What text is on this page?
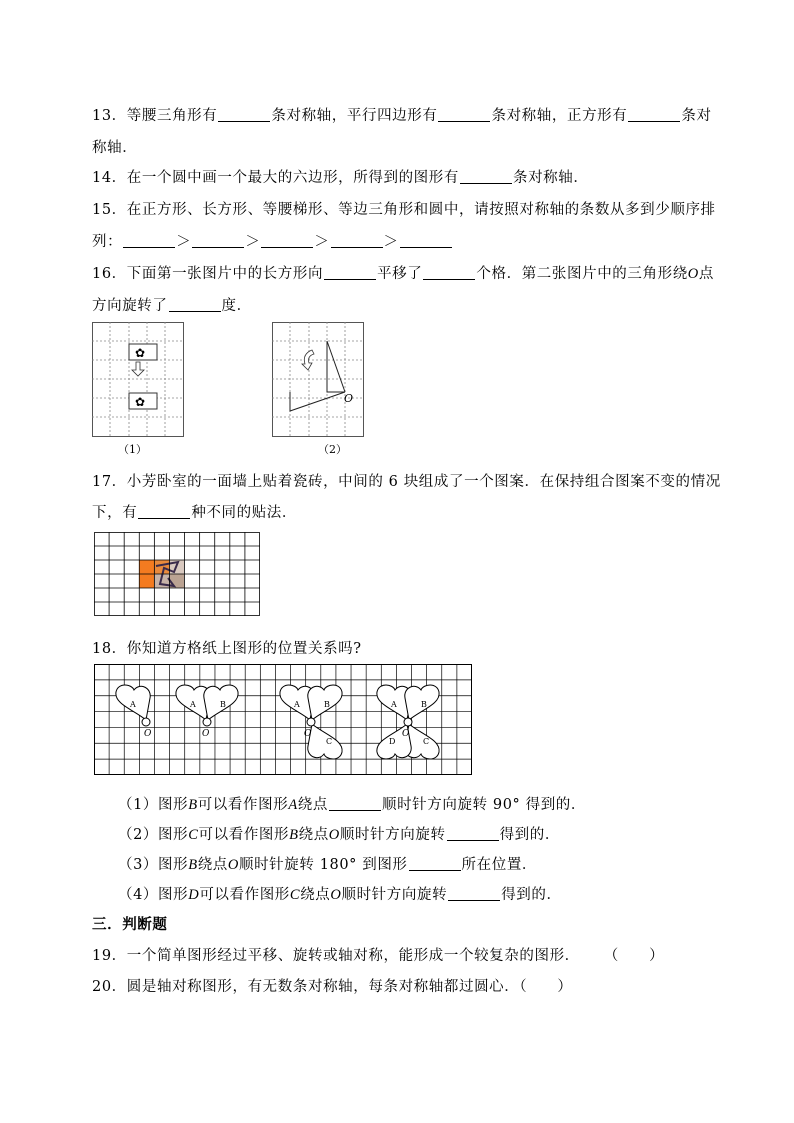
13．等腰三角形有	条对称轴，平行四边形有	条对称轴，正方形有	条对
称轴．
14．在一个圆中画一个最大的六边形，所得到的图形有	条对称轴．
15．在正方形、长方形、等腰梯形、等边三角形和圆中，请按照对称轴的条数从多到少顺序排
列：	＞	＞	＞	＞
16．下面第一张图片中的长方形向	平移了	个格．第二张图片中的三角形绕O点
方向旋转了	度．
✿
✿
（1）
O
（2）
17．小芳卧室的一面墙上贴着瓷砖，中间的 6 块组成了一个图案．在保持组合图案不变的情况
下，有	种不同的贴法．
18．你知道方格纸上图形的位置关系吗?
A
O
A	B
O
A	B
C
O
A	B
C
D
O
（1）图形B可以看作图形A绕点	顺时针方向旋转 90° 得到的．
（2）图形C可以看作图形B绕点O顺时针方向旋转	得到的．
（3）图形B绕点O顺时针旋转 180° 到图形	所在位置．
（4）图形D可以看作图形C绕点O顺时针方向旋转	得到的．
三．判断题
19．一个简单图形经过平移、旋转或轴对称，能形成一个较复杂的图形． （　　）
20．圆是轴对称图形，有无数条对称轴，每条对称轴都过圆心．（　　）
